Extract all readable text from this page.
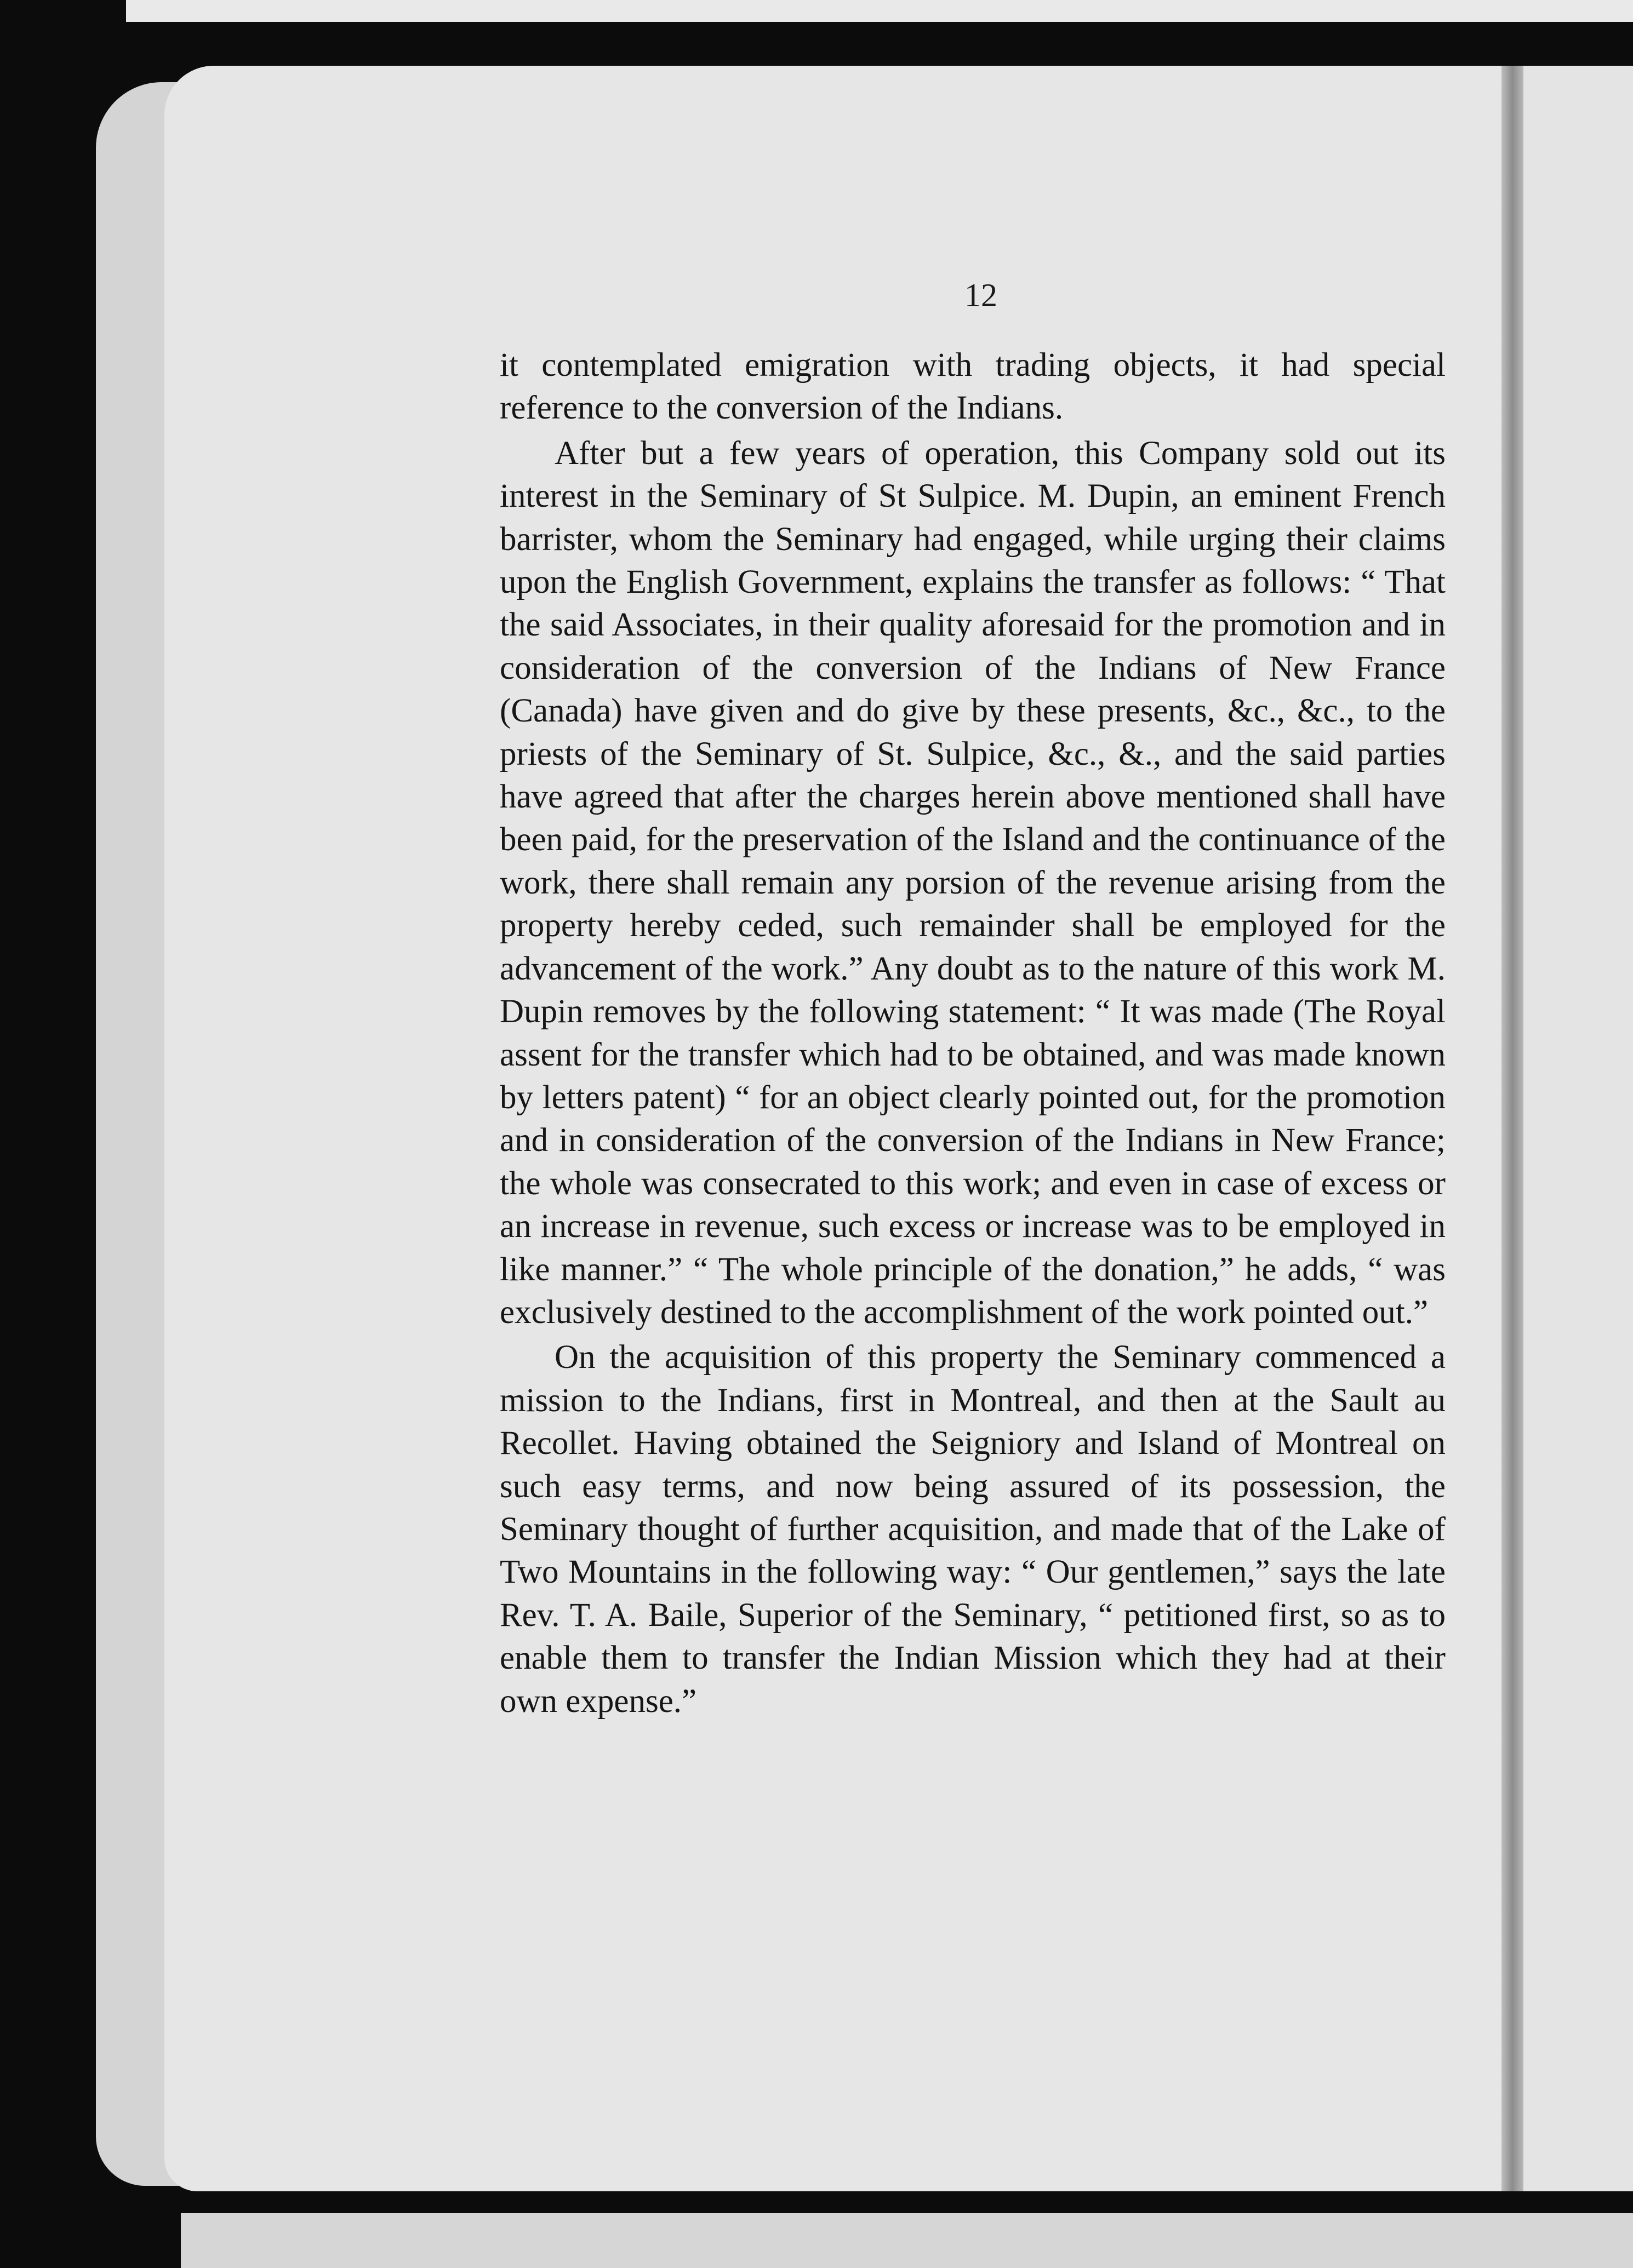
12

it contemplated emigration with trading objects, it had special reference to the conversion of the Indians.

After but a few years of operation, this Company sold out its interest in the Seminary of St Sulpice. M. Dupin, an eminent French barrister, whom the Seminary had engaged, while urging their claims upon the English Government, explains the transfer as follows: “ That the said Associates, in their quality aforesaid for the promotion and in consideration of the conversion of the Indians of New France (Canada) have given and do give by these presents, &c., &c., to the priests of the Seminary of St. Sulpice, &c., &., and the said parties have agreed that after the charges herein above mentioned shall have been paid, for the preservation of the Island and the continuance of the work, there shall remain any porsion of the revenue arising from the property hereby ceded, such remainder shall be employed for the advancement of the work.” Any doubt as to the nature of this work M. Dupin removes by the following statement: “ It was made (The Royal assent for the transfer which had to be obtained, and was made known by letters patent) “ for an object clearly pointed out, for the promotion and in consideration of the conversion of the Indians in New France; the whole was consecrated to this work; and even in case of excess or an increase in revenue, such excess or increase was to be employed in like manner.” “ The whole principle of the donation,” he adds, “ was exclusively destined to the accomplishment of the work pointed out.”

On the acquisition of this property the Seminary commenced a mission to the Indians, first in Montreal, and then at the Sault au Recollet. Having obtained the Seigniory and Island of Montreal on such easy terms, and now being assured of its possession, the Seminary thought of further acquisition, and made that of the Lake of Two Mountains in the following way: “ Our gentlemen,” says the late Rev. T. A. Baile, Superior of the Seminary, “ petitioned first, so as to enable them to transfer the Indian Mission which they had at their own expense.”
